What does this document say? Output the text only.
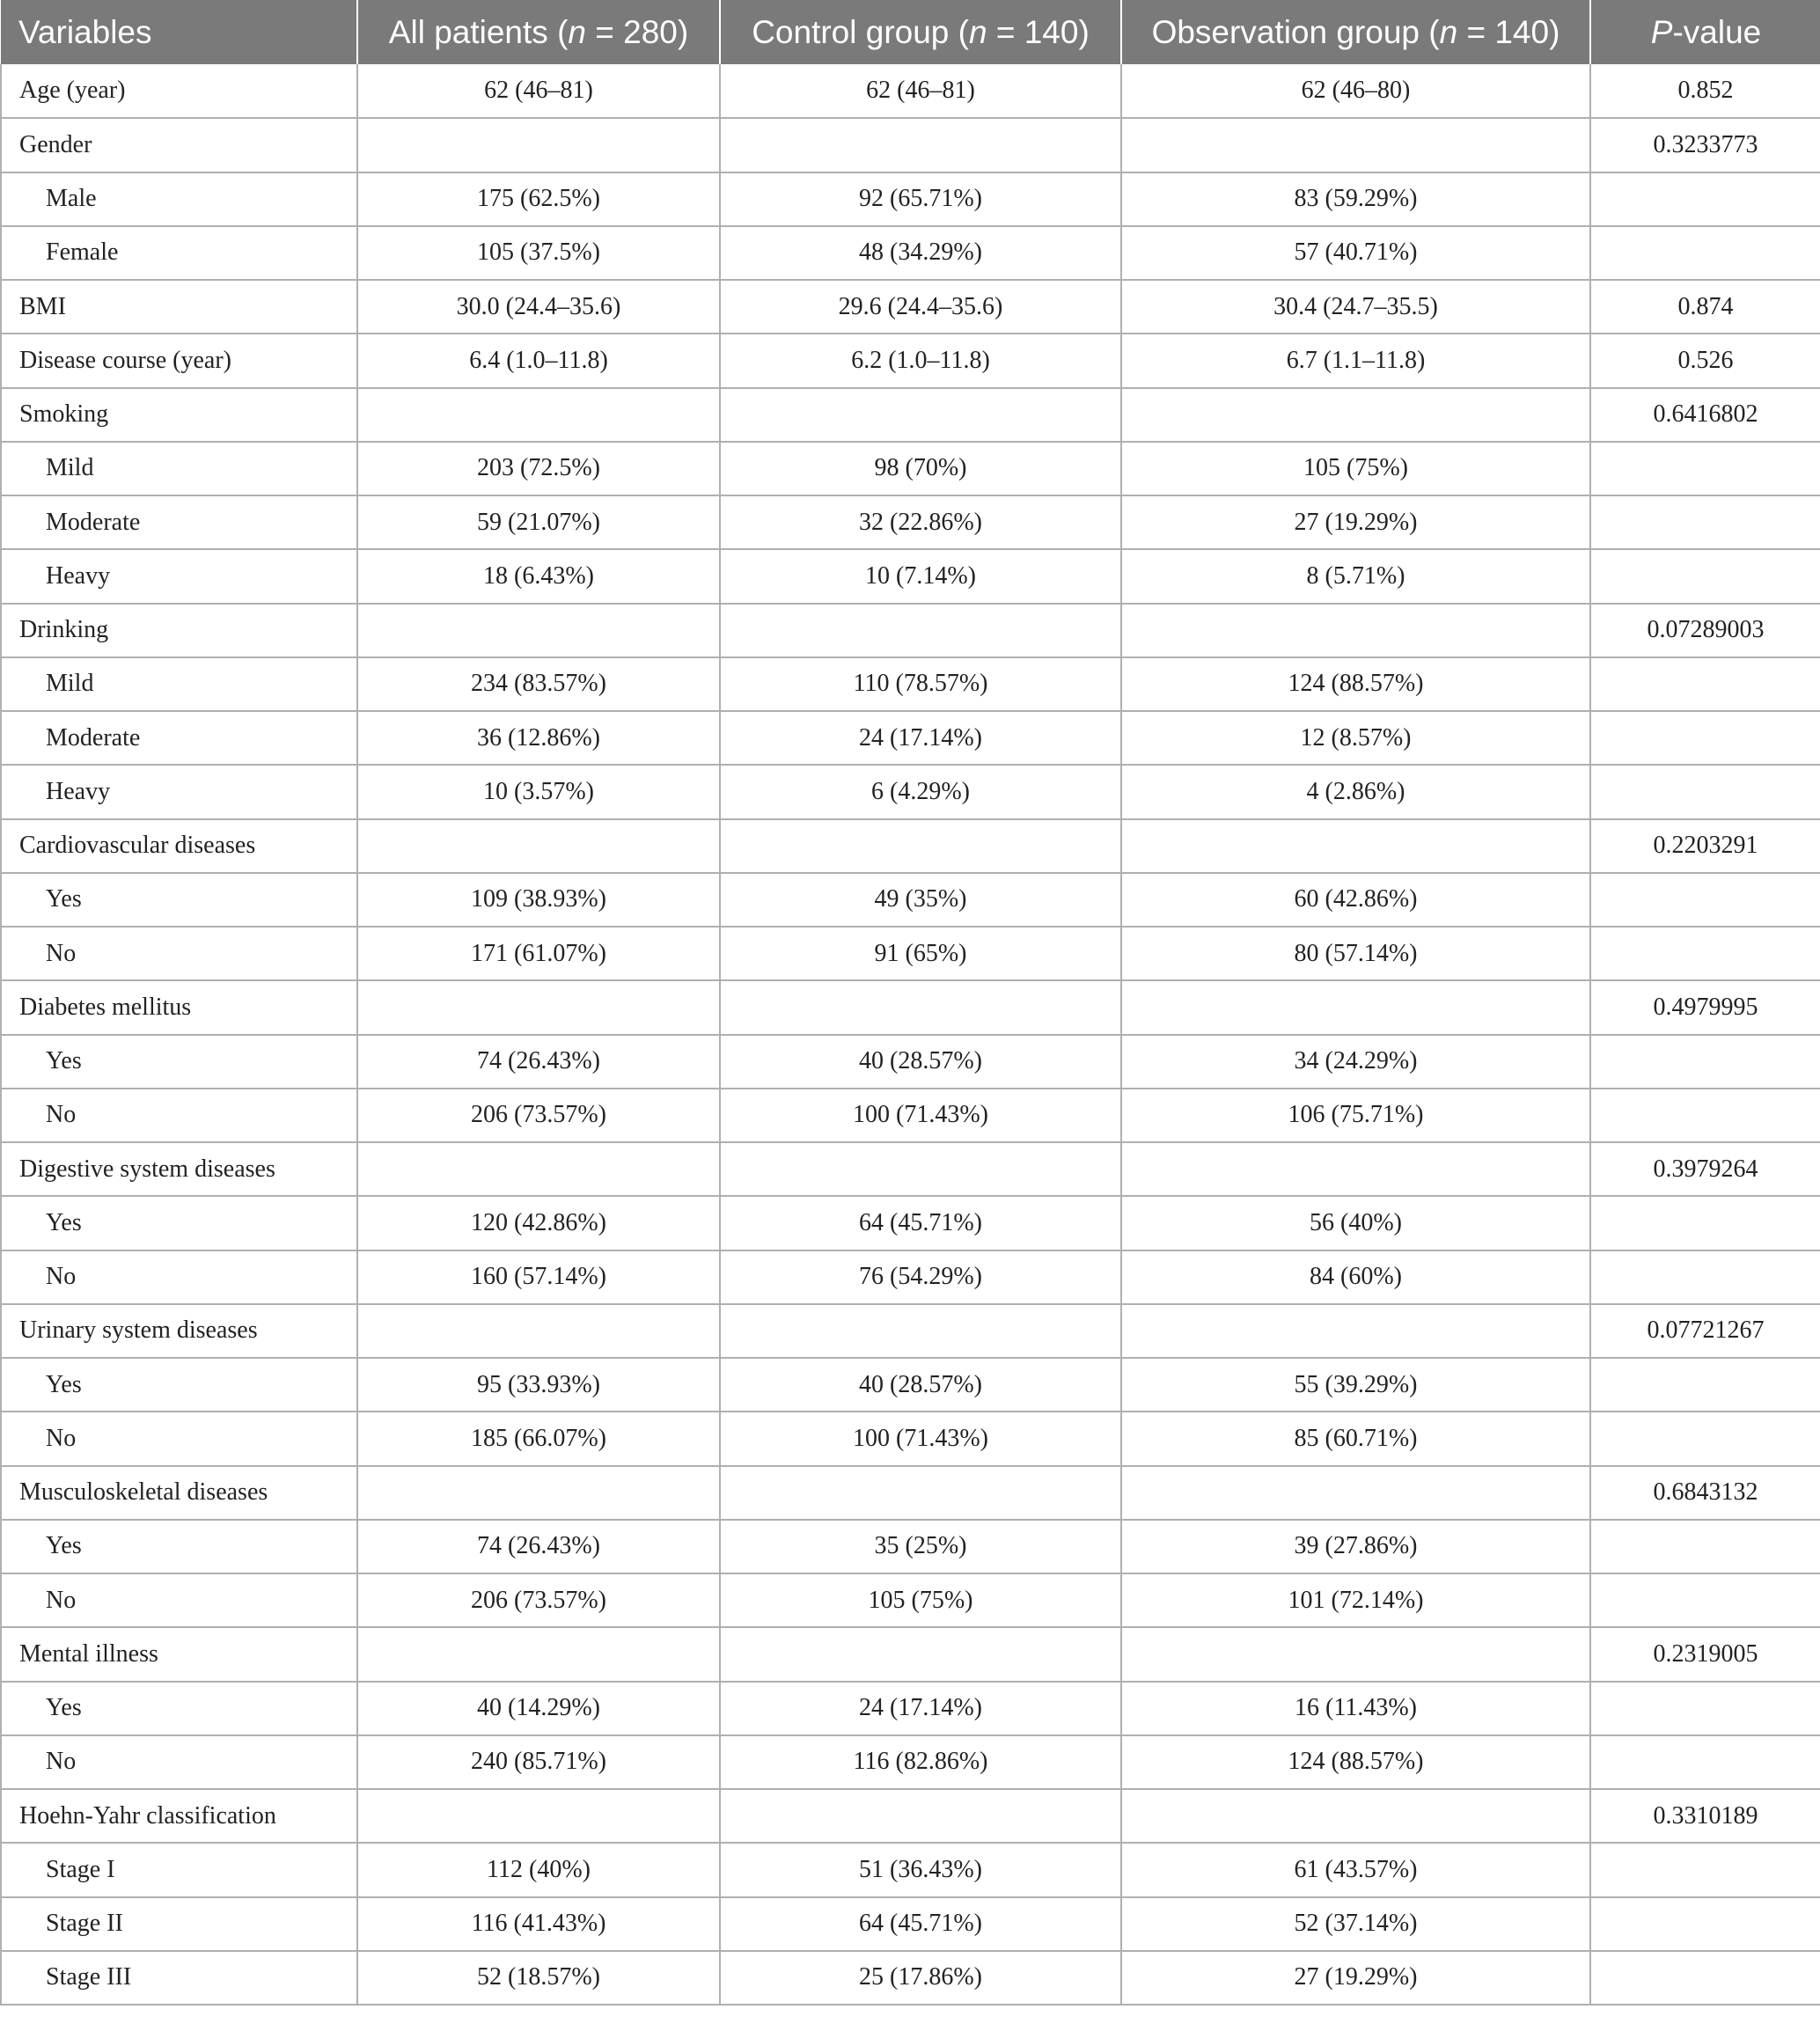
Variables	All patients (n = 280)	Control group (n = 140)	Observation group (n = 140)	P-value
Age (year)	62 (46–81)	62 (46–81)	62 (46–80)	0.852
Gender				0.3233773
Male	175 (62.5%)	92 (65.71%)	83 (59.29%)	
Female	105 (37.5%)	48 (34.29%)	57 (40.71%)	
BMI	30.0 (24.4–35.6)	29.6 (24.4–35.6)	30.4 (24.7–35.5)	0.874
Disease course (year)	6.4 (1.0–11.8)	6.2 (1.0–11.8)	6.7 (1.1–11.8)	0.526
Smoking				0.6416802
Mild	203 (72.5%)	98 (70%)	105 (75%)	
Moderate	59 (21.07%)	32 (22.86%)	27 (19.29%)	
Heavy	18 (6.43%)	10 (7.14%)	8 (5.71%)	
Drinking				0.07289003
Mild	234 (83.57%)	110 (78.57%)	124 (88.57%)	
Moderate	36 (12.86%)	24 (17.14%)	12 (8.57%)	
Heavy	10 (3.57%)	6 (4.29%)	4 (2.86%)	
Cardiovascular diseases				0.2203291
Yes	109 (38.93%)	49 (35%)	60 (42.86%)	
No	171 (61.07%)	91 (65%)	80 (57.14%)	
Diabetes mellitus				0.4979995
Yes	74 (26.43%)	40 (28.57%)	34 (24.29%)	
No	206 (73.57%)	100 (71.43%)	106 (75.71%)	
Digestive system diseases				0.3979264
Yes	120 (42.86%)	64 (45.71%)	56 (40%)	
No	160 (57.14%)	76 (54.29%)	84 (60%)	
Urinary system diseases				0.07721267
Yes	95 (33.93%)	40 (28.57%)	55 (39.29%)	
No	185 (66.07%)	100 (71.43%)	85 (60.71%)	
Musculoskeletal diseases				0.6843132
Yes	74 (26.43%)	35 (25%)	39 (27.86%)	
No	206 (73.57%)	105 (75%)	101 (72.14%)	
Mental illness				0.2319005
Yes	40 (14.29%)	24 (17.14%)	16 (11.43%)	
No	240 (85.71%)	116 (82.86%)	124 (88.57%)	
Hoehn-Yahr classification				0.3310189
Stage I	112 (40%)	51 (36.43%)	61 (43.57%)	
Stage II	116 (41.43%)	64 (45.71%)	52 (37.14%)	
Stage III	52 (18.57%)	25 (17.86%)	27 (19.29%)	
